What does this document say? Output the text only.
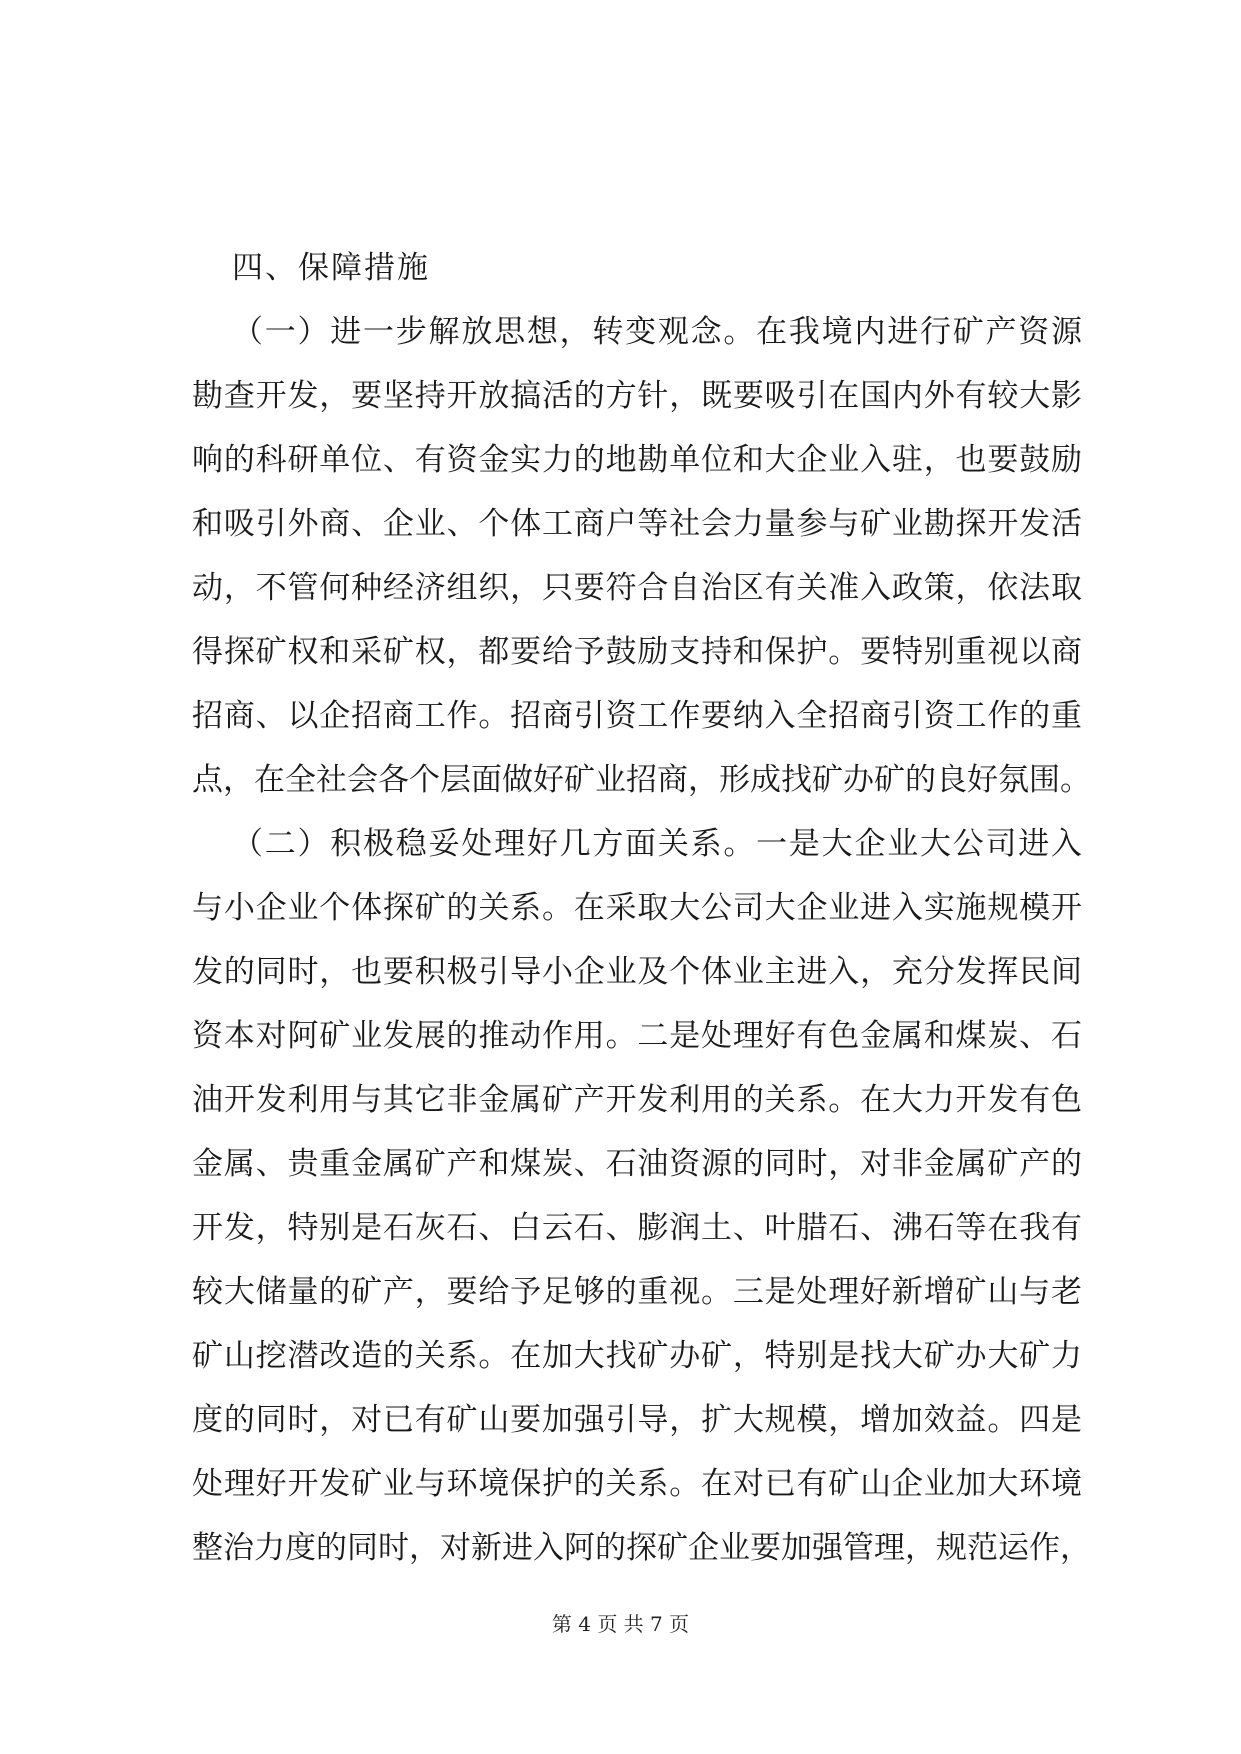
四、保障措施
（一）进一步解放思想，转变观念。在我境内进行矿产资源
勘查开发，要坚持开放搞活的方针，既要吸引在国内外有较大影
响的科研单位、有资金实力的地勘单位和大企业入驻，也要鼓励
和吸引外商、企业、个体工商户等社会力量参与矿业勘探开发活
动，不管何种经济组织，只要符合自治区有关准入政策，依法取
得探矿权和采矿权，都要给予鼓励支持和保护。要特别重视以商
招商、以企招商工作。招商引资工作要纳入全招商引资工作的重
点，在全社会各个层面做好矿业招商，形成找矿办矿的良好氛围。
（二）积极稳妥处理好几方面关系。一是大企业大公司进入
与小企业个体探矿的关系。在采取大公司大企业进入实施规模开
发的同时，也要积极引导小企业及个体业主进入，充分发挥民间
资本对阿矿业发展的推动作用。二是处理好有色金属和煤炭、石
油开发利用与其它非金属矿产开发利用的关系。在大力开发有色
金属、贵重金属矿产和煤炭、石油资源的同时，对非金属矿产的
开发，特别是石灰石、白云石、膨润土、叶腊石、沸石等在我有
较大储量的矿产，要给予足够的重视。三是处理好新增矿山与老
矿山挖潜改造的关系。在加大找矿办矿，特别是找大矿办大矿力
度的同时，对已有矿山要加强引导，扩大规模，增加效益。四是
处理好开发矿业与环境保护的关系。在对已有矿山企业加大环境
整治力度的同时，对新进入阿的探矿企业要加强管理，规范运作，
第 4 页 共 7 页
